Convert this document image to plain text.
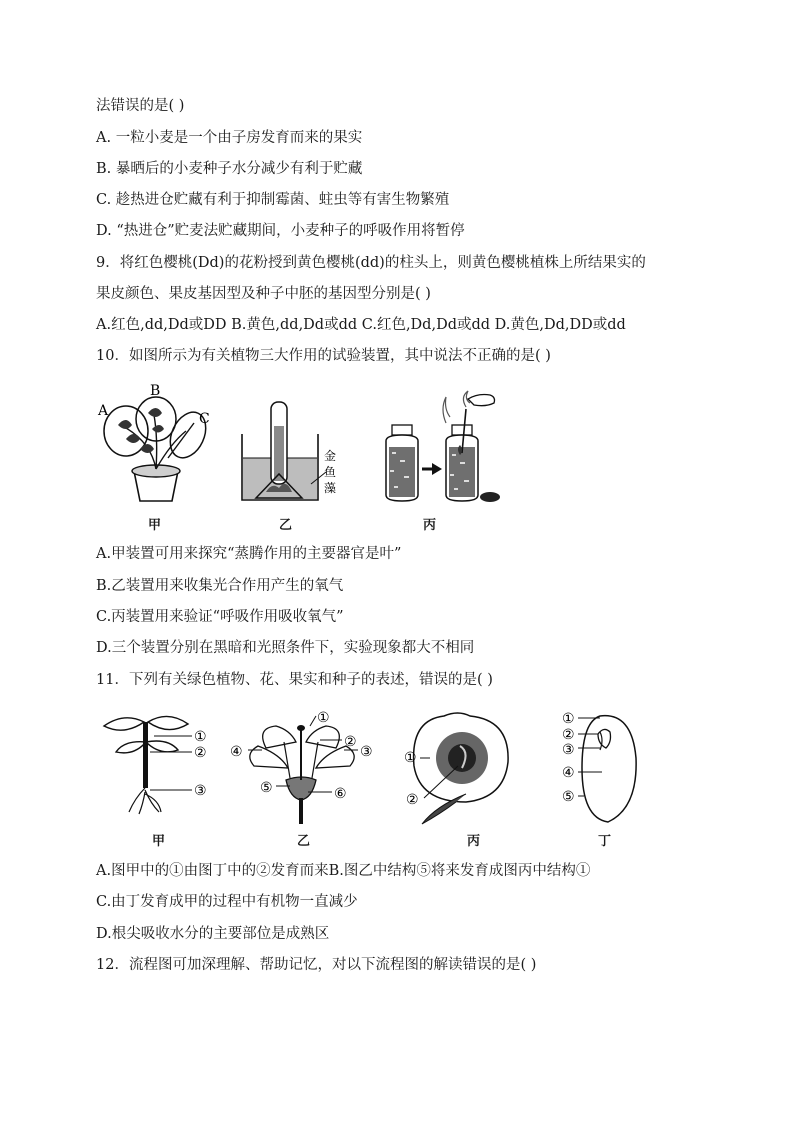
法错误的是( )
A. 一粒小麦是一个由子房发育而来的果实
B. 暴晒后的小麦种子水分减少有利于贮藏
C. 趁热进仓贮藏有利于抑制霉菌、蛀虫等有害生物繁殖
D. “热进仓”贮麦法贮藏期间，小麦种子的呼吸作用将暂停
9．将红色樱桃(Dd)的花粉授到黄色樱桃(dd)的柱头上，则黄色樱桃植株上所结果实的
果皮颜色、果皮基因型及种子中胚的基因型分别是( )
A.红色,dd,Dd或DD B.黄色,dd,Dd或dd C.红色,Dd,Dd或dd D.黄色,Dd,DD或dd
10．如图所示为有关植物三大作用的试验装置，其中说法不正确的是( )
A
B
C
甲
金
鱼
藻
乙	丙
A.甲装置可用来探究“蒸腾作用的主要器官是叶”
B.乙装置用来收集光合作用产生的氧气
C.丙装置用来验证“呼吸作用吸收氧气”
D.三个装置分别在黑暗和光照条件下，实验现象都大不相同
11．下列有关绿色植物、花、果实和种子的表述，错误的是( )
①
②
③
甲
①
②
③
④
⑤	⑥
乙
①
②
丙
①
②
③
④
⑤
丁
A.图甲中的①由图丁中的②发育而来B.图乙中结构⑤将来发育成图丙中结构①
C.由丁发育成甲的过程中有机物一直减少
D.根尖吸收水分的主要部位是成熟区
12．流程图可加深理解、帮助记忆，对以下流程图的解读错误的是( )
